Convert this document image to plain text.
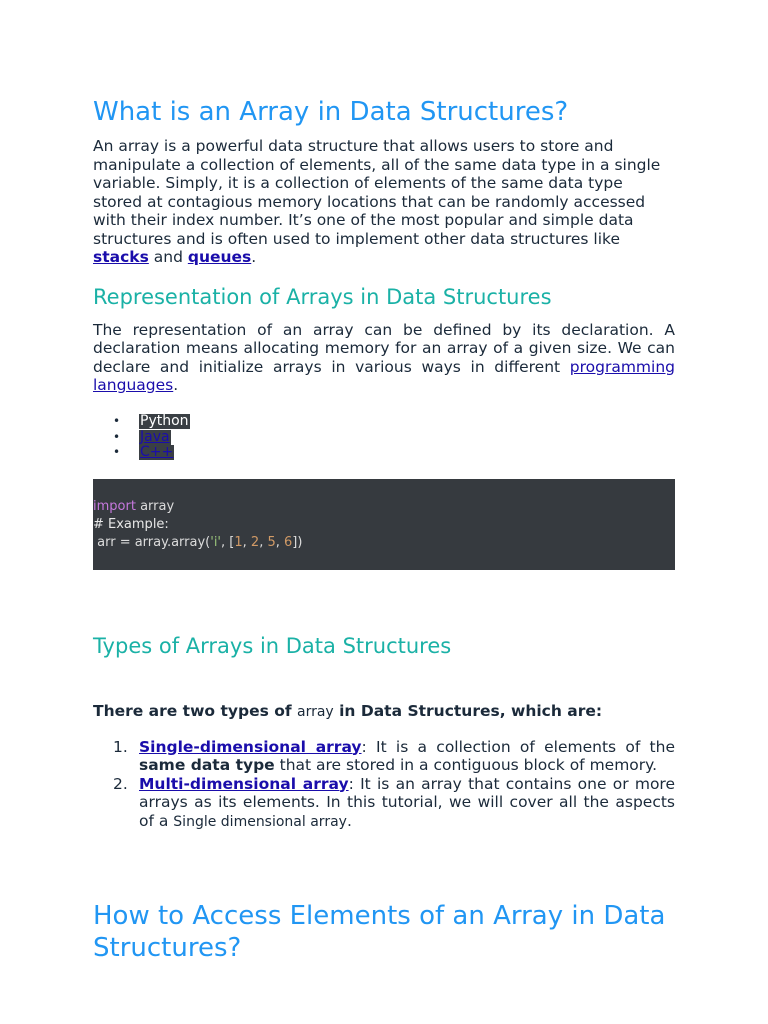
What is an Array in Data Structures?

An array is a powerful data structure that allows users to store and manipulate a collection of elements, all of the same data type in a single variable. Simply, it is a collection of elements of the same data type stored at contagious memory locations that can be randomly accessed with their index number. It’s one of the most popular and simple data structures and is often used to implement other data structures like stacks and queues.

Representation of Arrays in Data Structures

The representation of an array can be defined by its declaration. A declaration means allocating memory for an array of a given size. We can declare and initialize arrays in various ways in different programming languages.

• Python
• Java
• C++
import array
# Example:
arr = array.array('i', [1, 2, 5, 6])
Types of Arrays in Data Structures

There are two types of array in Data Structures, which are:

1. Single-dimensional array: It is a collection of elements of the same data type that are stored in a contiguous block of memory.
2. Multi-dimensional array: It is an array that contains one or more arrays as its elements. In this tutorial, we will cover all the aspects of a Single dimensional array.
How to Access Elements of an Array in Data Structures?
